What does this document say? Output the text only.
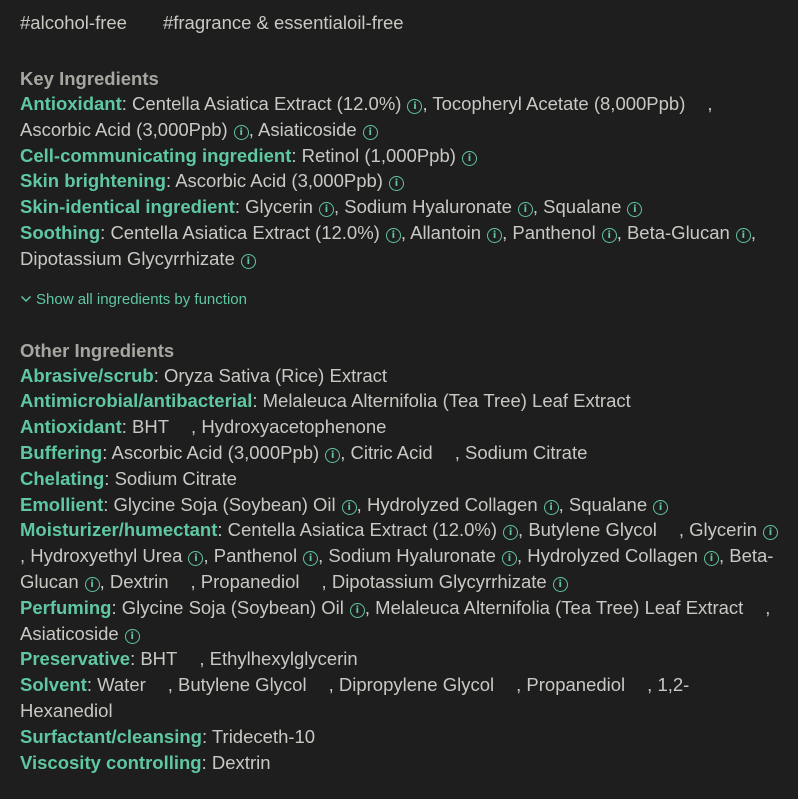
#alcohol-free #fragrance & essentialoil-free
Key Ingredients
Antioxidant: Centella Asiatica Extract (12.0%) i , Tocopheryl Acetate (8,000Ppb) , Ascorbic Acid (3,000Ppb) i , Asiaticoside i
Cell-communicating ingredient: Retinol (1,000Ppb) i
Skin brightening: Ascorbic Acid (3,000Ppb) i
Skin-identical ingredient: Glycerin i , Sodium Hyaluronate i , Squalane i
Soothing: Centella Asiatica Extract (12.0%) i , Allantoin i , Panthenol i , Beta-Glucan i , Dipotassium Glycyrrhizate i
Show all ingredients by function
Other Ingredients
Abrasive/scrub: Oryza Sativa (Rice) Extract
Antimicrobial/antibacterial: Melaleuca Alternifolia (Tea Tree) Leaf Extract
Antioxidant: BHT , Hydroxyacetophenone
Buffering: Ascorbic Acid (3,000Ppb) i , Citric Acid , Sodium Citrate
Chelating: Sodium Citrate
Emollient: Glycine Soja (Soybean) Oil i , Hydrolyzed Collagen i , Squalane i
Moisturizer/humectant: Centella Asiatica Extract (12.0%) i , Butylene Glycol , Glycerin i, Hydroxyethyl Urea i , Panthenol i , Sodium Hyaluronate i , Hydrolyzed Collagen i , Beta-Glucan i , Dextrin , Propanediol , Dipotassium Glycyrrhizate i
Perfuming: Glycine Soja (Soybean) Oil i , Melaleuca Alternifolia (Tea Tree) Leaf Extract , Asiaticoside i
Preservative: BHT , Ethylhexylglycerin
Solvent: Water , Butylene Glycol , Dipropylene Glycol , Propanediol , 1,2-Hexanediol
Surfactant/cleansing: Trideceth-10
Viscosity controlling: Dextrin
